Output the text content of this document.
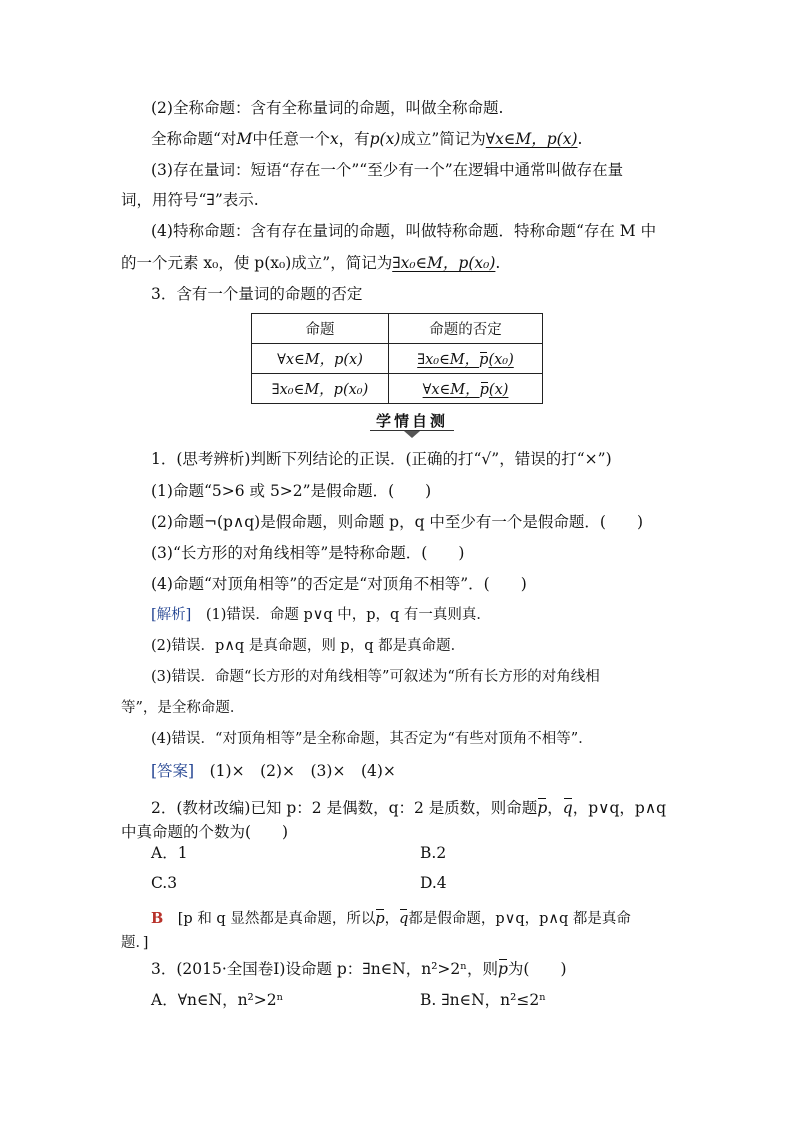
(2)全称命题：含有全称量词的命题，叫做全称命题.
全称命题“对M中任意一个x，有p(x)成立”简记为∀x∈M，p(x).
(3)存在量词：短语“存在一个”“至少有一个”在逻辑中通常叫做存在量
词，用符号“∃”表示.
(4)特称命题：含有存在量词的命题，叫做特称命题．特称命题“存在 M 中
的一个元素 x₀，使 p(x₀)成立”，简记为∃x₀∈M，p(x₀).
3．含有一个量词的命题的否定
命题	命题的否定
∀x∈M，p(x)	∃x₀∈M，p(x₀)
∃x₀∈M，p(x₀)	∀x∈M，p(x)
学情自测
1．(思考辨析)判断下列结论的正误．(正确的打“√”，错误的打“×”)
(1)命题“5>6 或 5>2”是假命题．(　　)
(2)命题¬(p∧q)是假命题，则命题 p，q 中至少有一个是假命题．(　　)
(3)“长方形的对角线相等”是特称命题．(　　)
(4)命题“对顶角相等”的否定是“对顶角不相等”．(　　)
[解析]　 (1)错误．命题 p∨q 中，p，q 有一真则真．
(2)错误．p∧q 是真命题，则 p，q 都是真命题．
(3)错误．命题“长方形的对角线相等”可叙述为“所有长方形的对角线相
等”，是全称命题．
(4)错误．“对顶角相等”是全称命题，其否定为“有些对顶角不相等”．
[答案]　 (1)×　(2)×　(3)×　(4)×
2．(教材改编)已知 p：2 是偶数，q：2 是质数，则命题p，q，p∨q，p∧q
中真命题的个数为(　　)
A．1	B.2
C.3	D.4
B　 [p 和 q 显然都是真命题，所以p，q都是假命题，p∨q，p∧q 都是真命
题．]
3．(2015·全国卷Ⅰ)设命题 p：∃n∈N，n²>2ⁿ，则p为(　　)
A．∀n∈N，n²>2ⁿ	B. ∃n∈N，n²≤2ⁿ
